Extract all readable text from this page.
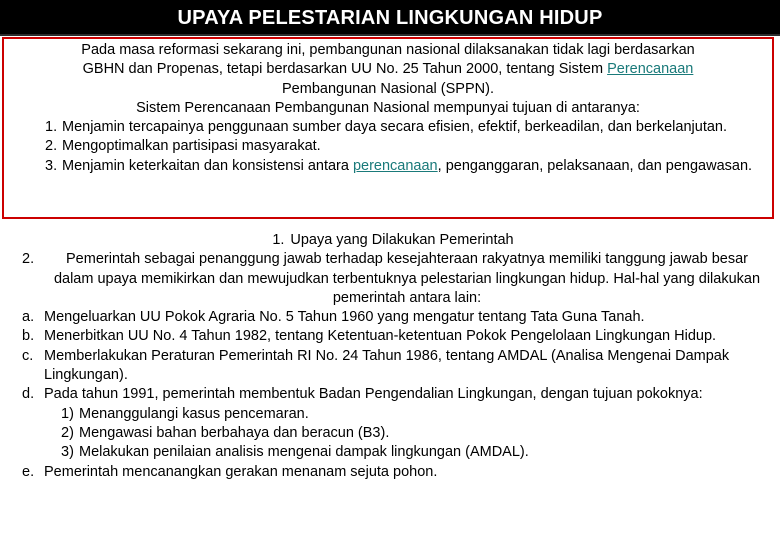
UPAYA PELESTARIAN LINGKUNGAN HIDUP
Pada masa reformasi sekarang ini, pembangunan nasional dilaksanakan tidak lagi berdasarkan
GBHN dan Propenas, tetapi berdasarkan UU No. 25 Tahun 2000, tentang Sistem Perencanaan
Pembangunan Nasional (SPPN).
Sistem Perencanaan Pembangunan Nasional mempunyai tujuan di antaranya:
1. Menjamin tercapainya penggunaan sumber daya secara efisien, efektif, berkeadilan, dan berkelanjutan.
2. Mengoptimalkan partisipasi masyarakat.
3. Menjamin keterkaitan dan konsistensi antara perencanaan, penganggaran, pelaksanaan, dan pengawasan.

1. Upaya yang Dilakukan Pemerintah

2. Pemerintah sebagai penanggung jawab terhadap kesejahteraan rakyatnya memiliki tanggung jawab besar dalam upaya memikirkan dan mewujudkan terbentuknya pelestarian lingkungan hidup. Hal-hal yang dilakukan pemerintah antara lain:

a. Mengeluarkan UU Pokok Agraria No. 5 Tahun 1960 yang mengatur tentang Tata Guna Tanah.

b. Menerbitkan UU No. 4 Tahun 1982, tentang Ketentuan-ketentuan Pokok Pengelolaan Lingkungan Hidup.

c. Memberlakukan Peraturan Pemerintah RI No. 24 Tahun 1986, tentang AMDAL (Analisa Mengenai Dampak Lingkungan).

d. Pada tahun 1991, pemerintah membentuk Badan Pengendalian Lingkungan, dengan tujuan pokoknya:

1) Menanggulangi kasus pencemaran.

2) Mengawasi bahan berbahaya dan beracun (B3).

3) Melakukan penilaian analisis mengenai dampak lingkungan (AMDAL).

e. Pemerintah mencanangkan gerakan menanam sejuta pohon.
